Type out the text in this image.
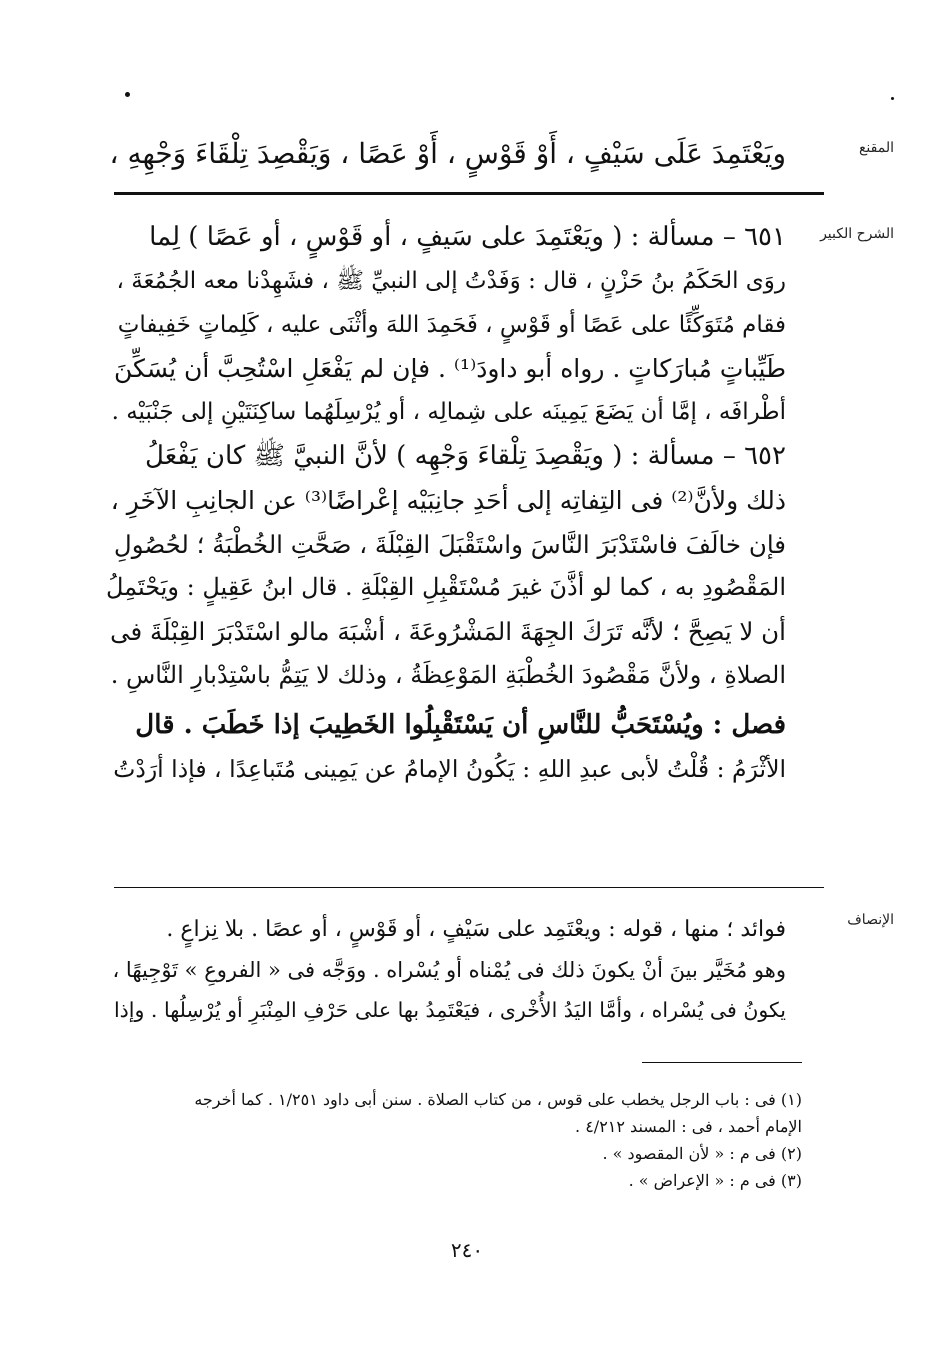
المقنع
ويَعْتَمِدَ عَلَى سَيْفٍ ، أَوْ قَوْسٍ ، أَوْ عَصًا ، وَيَقْصِدَ تِلْقَاءَ وَجْهِهِ ،
الشرح الكبير
٦٥١ – مسألة : ( ويَعْتَمِدَ على سَيفٍ ، أو قَوْسٍ ، أو عَصًا ) لِما
روَى الحَكَمُ بنُ حَزْنٍ ، قال : وَفَدْتُ إلى النبيِّ ﷺ ، فشَهِدْنا معه الجُمُعَةَ ،
فقام مُتَوَكِّئًا على عَصًا أو قَوْسٍ ، فَحَمِدَ اللهَ وأثْنَى عليه ، كَلِماتٍ خَفِيفاتٍ
طَيِّباتٍ مُبارَكاتٍ . رواه أبو داودَ⁽¹⁾ . فإن لم يَفْعَلِ اسْتُحِبَّ أن يُسَكِّنَ
أطْرافَه ، إمَّا أن يَضَعَ يَمِينَه على شِمالِه ، أو يُرْسِلَهُما ساكِنَتَيْنِ إلى جَنْبَيْه .
٦٥٢ – مسألة : ( ويَقْصِدَ تِلْقاءَ وَجْهِه ) لأنَّ النبيَّ ﷺ كان يَفْعَلُ
ذلك ولأنَّ⁽²⁾ فى التِفاتِه إلى أحَدِ جانِبَيْه إعْراضًا⁽³⁾ عن الجانِبِ الآخَرِ ،
فإن خالَفَ فاسْتَدْبَرَ النَّاسَ واسْتَقْبَلَ القِبْلَةَ ، صَحَّتِ الخُطْبَةُ ؛ لحُصُولِ
المَقْصُودِ به ، كما لو أذَّنَ غيرَ مُسْتَقْبِلِ القِبْلَةِ . قال ابنُ عَقِيلٍ : ويَحْتَمِلُ
أن لا يَصِحَّ ؛ لأنَّه تَرَكَ الجِهَةَ المَشْرُوعَةَ ، أشْبَهَ مالو اسْتَدْبَرَ القِبْلَةَ فى
الصلاةِ ، ولأنَّ مَقْصُودَ الخُطْبَةِ المَوْعِظَةُ ، وذلك لا يَتِمُّ باسْتِدْبارِ النَّاسِ .
فصل : ويُسْتَحَبُّ للنَّاسِ أن يَسْتَقْبِلُوا الخَطِيبَ إذا خَطَبَ . قال
الأثْرَمُ : قُلْتُ لأبى عبدِ اللهِ : يَكُونُ الإمامُ عن يَمِينى مُتَباعِدًا ، فإذا أرَدْتُ
الإنصاف
فوائد ؛ منها ، قوله : ويعْتَمِد على سَيْفٍ ، أو قَوْسٍ ، أو عصًا . بلا نِزاعٍ .
وهو مُخَيَّر بينَ أنْ يكونَ ذلك فى يُمْناه أو يُسْراه . ووَجَّه فى « الفروعِ » تَوْجِيهًا ،
يكونُ فى يُسْراه ، وأمَّا اليَدُ الأُخْرى ، فيَعْتَمِدُ بها على حَرْفِ المِنْبَرِ أو يُرْسِلُها . وإذا
(١) فى : باب الرجل يخطب على قوس ، من كتاب الصلاة . سنن أبى داود ١/٢٥١ . كما أخرجه
الإمام أحمد ، فى : المسند ٤/٢١٢ .
(٢) فى م : « لأن المقصود » .
(٣) فى م : « الإعراض » .
٢٤٠
